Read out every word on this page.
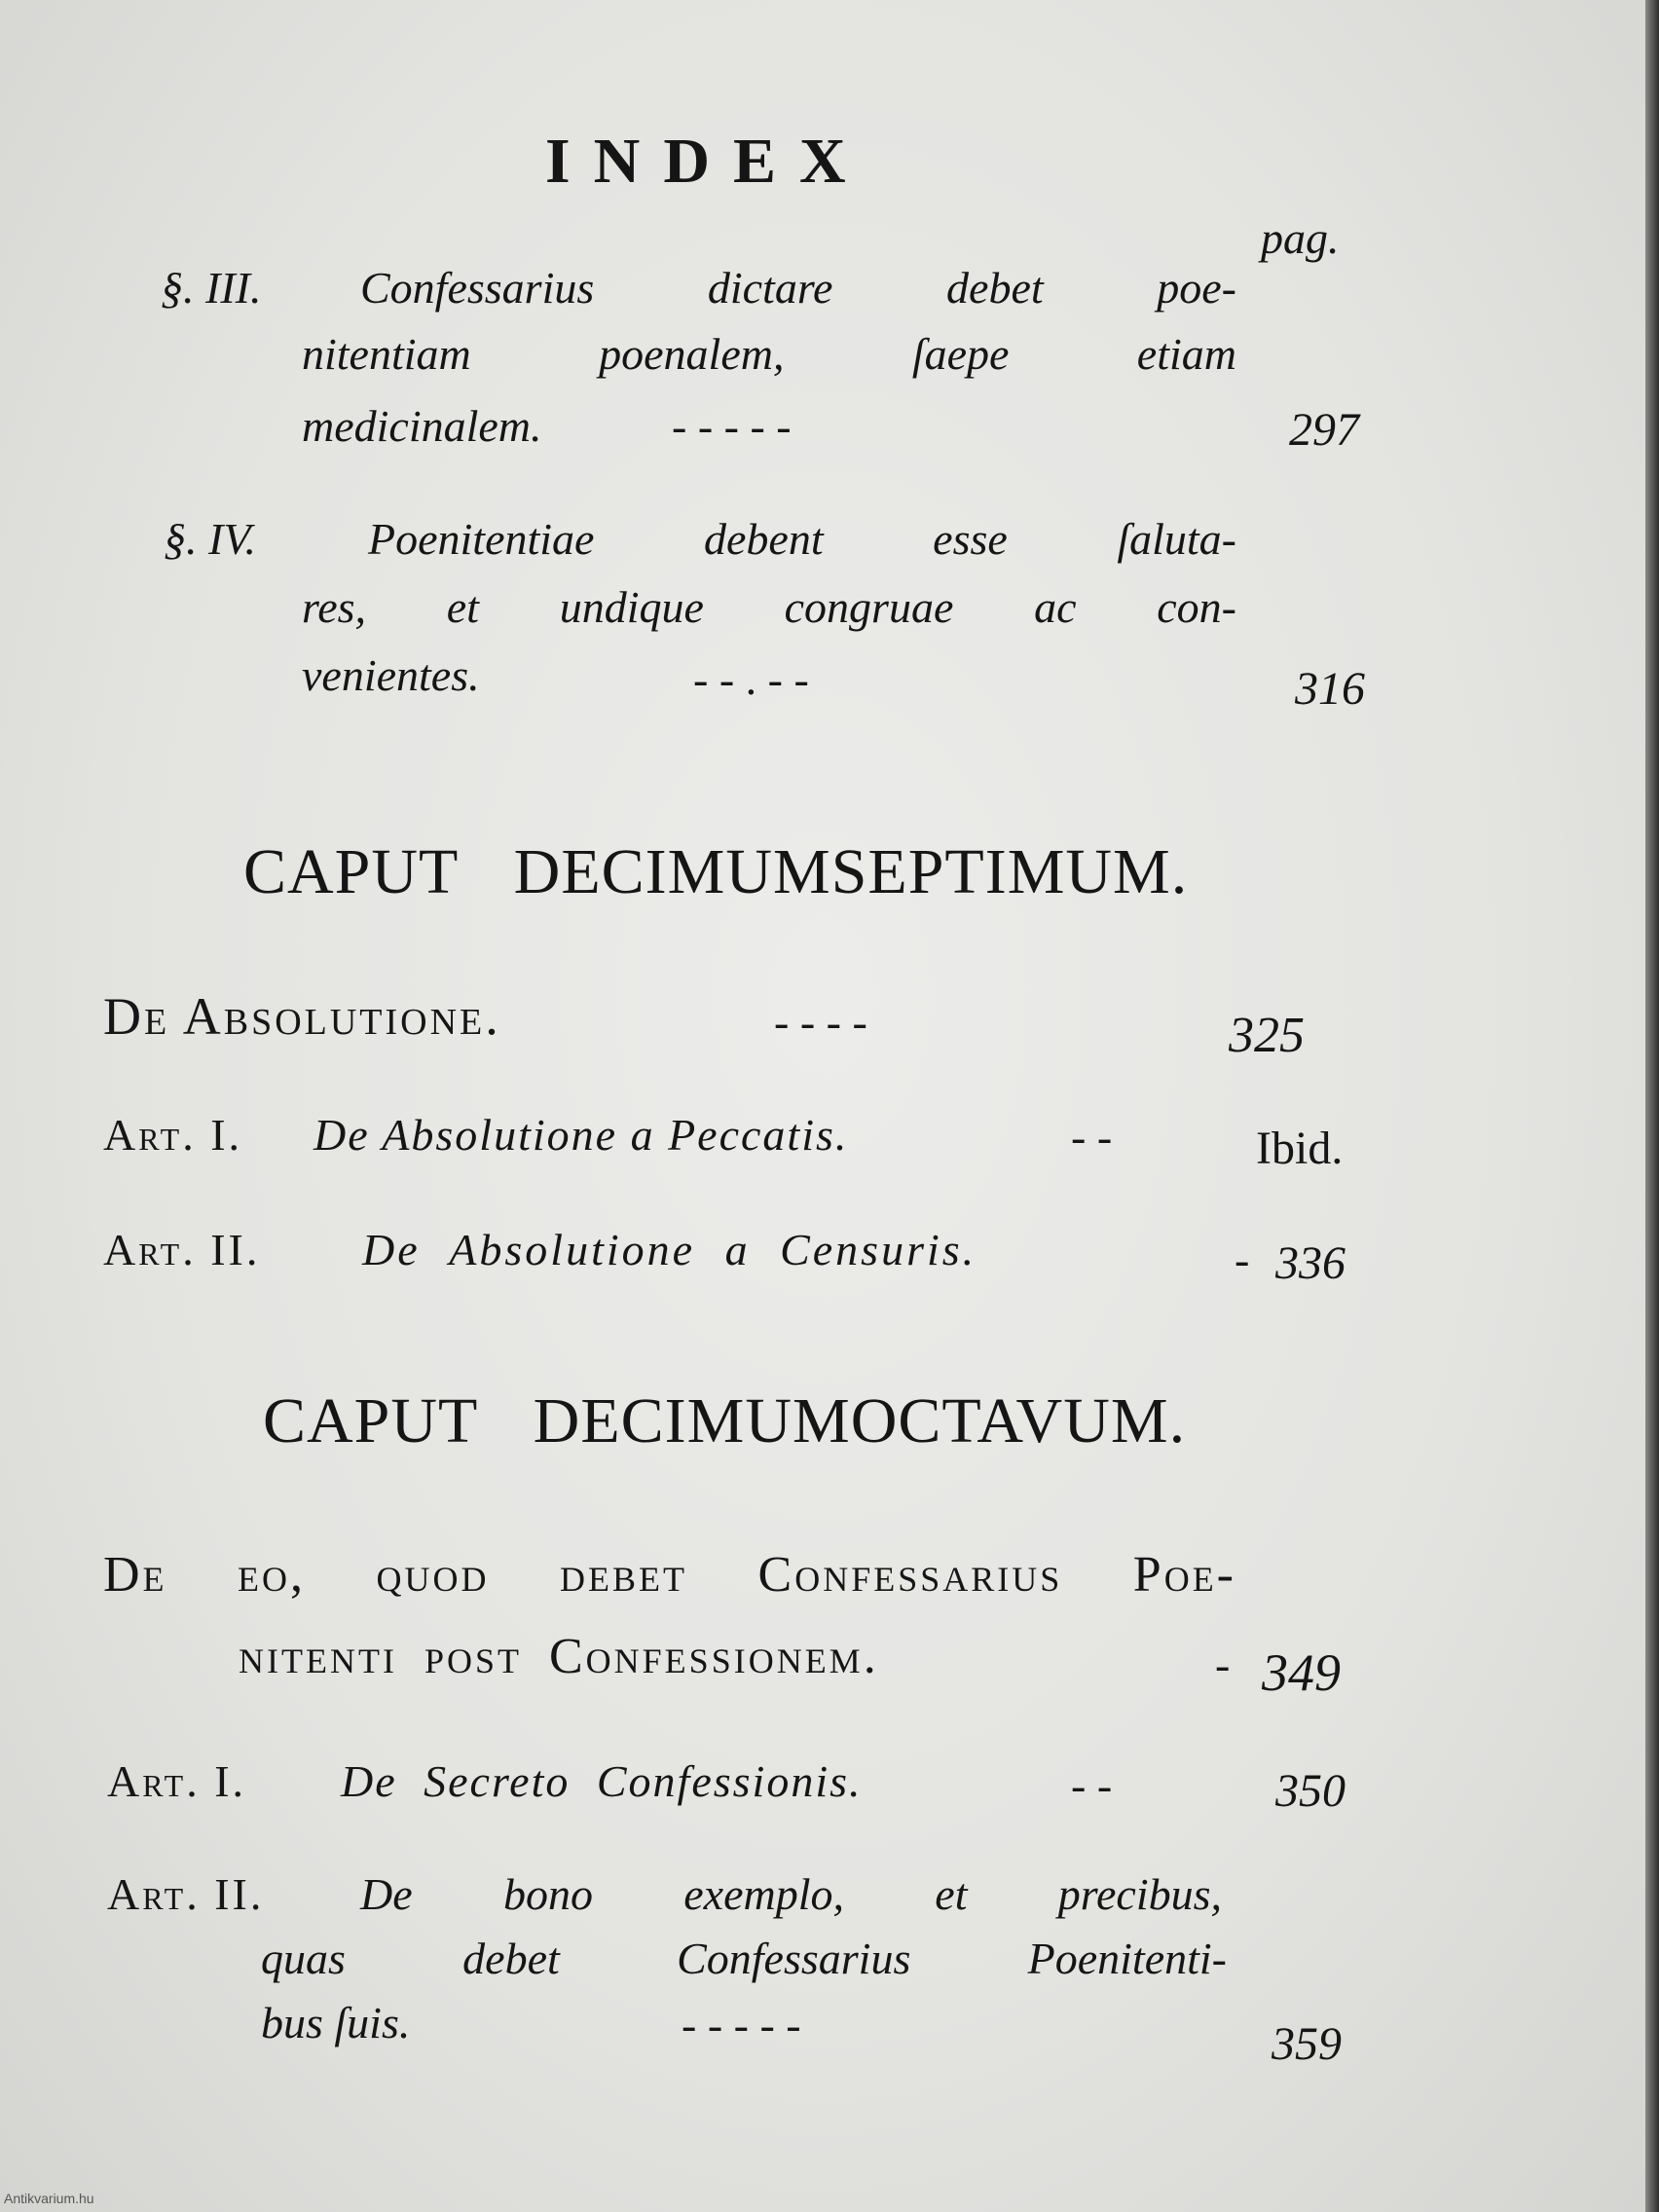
INDEX
pag.
§. III. Confessarius dictare debet poe-
nitentiam poenalem, ſaepe etiam
medicinalem.	- - - - -	297
§. IV.	Poenitentiae debent esse ſaluta-
res, et undique congruae ac con-
venientes.	- - . - -	316
CAPUT DECIMUMSEPTIMUM.
De Absolutione.	- - - -	325
Art. I. De Absolutione a Peccatis.	- -	Ibid.
Art. II. De Absolutione a Censuris.	- 336
CAPUT DECIMUMOCTAVUM.
De eo, quod debet Confessarius Poe-
nitenti post Confessionem.	- 349
Art. I. De Secreto Confessionis.	- -	350
Art. II. De bono exemplo, et precibus,
quas debet Confessarius Poenitenti-
bus ſuis.	- - - - -	359
Antikvarium.hu
